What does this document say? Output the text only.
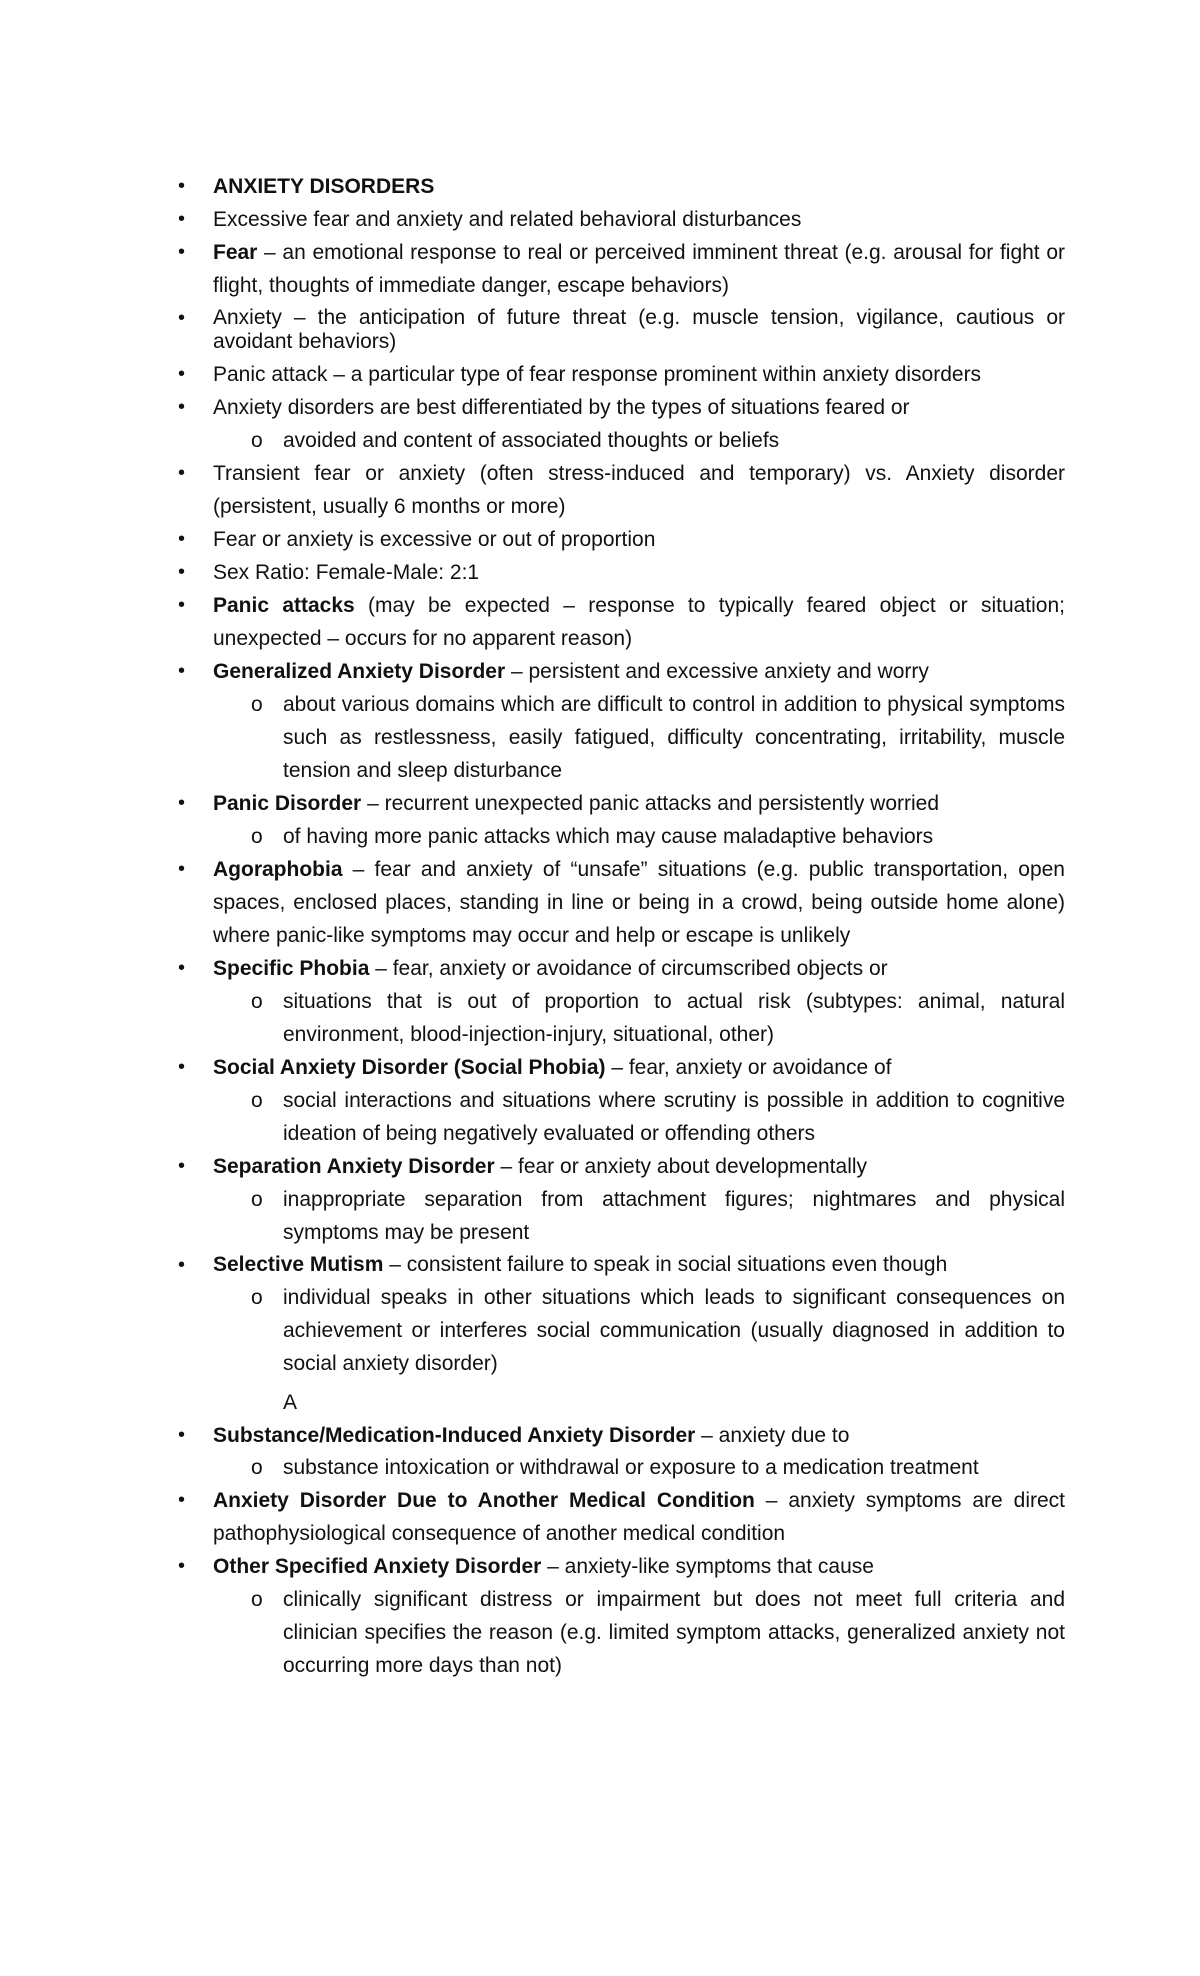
• ANXIETY DISORDERS
• Excessive fear and anxiety and related behavioral disturbances
• Fear – an emotional response to real or perceived imminent threat (e.g. arousal for fight or flight, thoughts of immediate danger, escape behaviors)
• Anxiety – the anticipation of future threat (e.g. muscle tension, vigilance, cautious or avoidant behaviors)
• Panic attack – a particular type of fear response prominent within anxiety disorders
• Anxiety disorders are best differentiated by the types of situations feared or
o avoided and content of associated thoughts or beliefs
• Transient fear or anxiety (often stress-induced and temporary) vs. Anxiety disorder (persistent, usually 6 months or more)
• Fear or anxiety is excessive or out of proportion
• Sex Ratio: Female-Male: 2:1
• Panic attacks (may be expected – response to typically feared object or situation; unexpected – occurs for no apparent reason)
• Generalized Anxiety Disorder – persistent and excessive anxiety and worry
o about various domains which are difficult to control in addition to physical symptoms such as restlessness, easily fatigued, difficulty concentrating, irritability, muscle tension and sleep disturbance
• Panic Disorder – recurrent unexpected panic attacks and persistently worried
o of having more panic attacks which may cause maladaptive behaviors
• Agoraphobia – fear and anxiety of “unsafe” situations (e.g. public transportation, open spaces, enclosed places, standing in line or being in a crowd, being outside home alone) where panic-like symptoms may occur and help or escape is unlikely
• Specific Phobia – fear, anxiety or avoidance of circumscribed objects or
o situations that is out of proportion to actual risk (subtypes: animal, natural environment, blood-injection-injury, situational, other)
• Social Anxiety Disorder (Social Phobia) – fear, anxiety or avoidance of
o social interactions and situations where scrutiny is possible in addition to cognitive ideation of being negatively evaluated or offending others
• Separation Anxiety Disorder – fear or anxiety about developmentally
o inappropriate separation from attachment figures; nightmares and physical symptoms may be present
• Selective Mutism – consistent failure to speak in social situations even though
o individual speaks in other situations which leads to significant consequences on achievement or interferes social communication (usually diagnosed in addition to social anxiety disorder)
A
• Substance/Medication-Induced Anxiety Disorder – anxiety due to
o substance intoxication or withdrawal or exposure to a medication treatment
• Anxiety Disorder Due to Another Medical Condition – anxiety symptoms are direct pathophysiological consequence of another medical condition
• Other Specified Anxiety Disorder – anxiety-like symptoms that cause
o clinically significant distress or impairment but does not meet full criteria and clinician specifies the reason (e.g. limited symptom attacks, generalized anxiety not occurring more days than not)
